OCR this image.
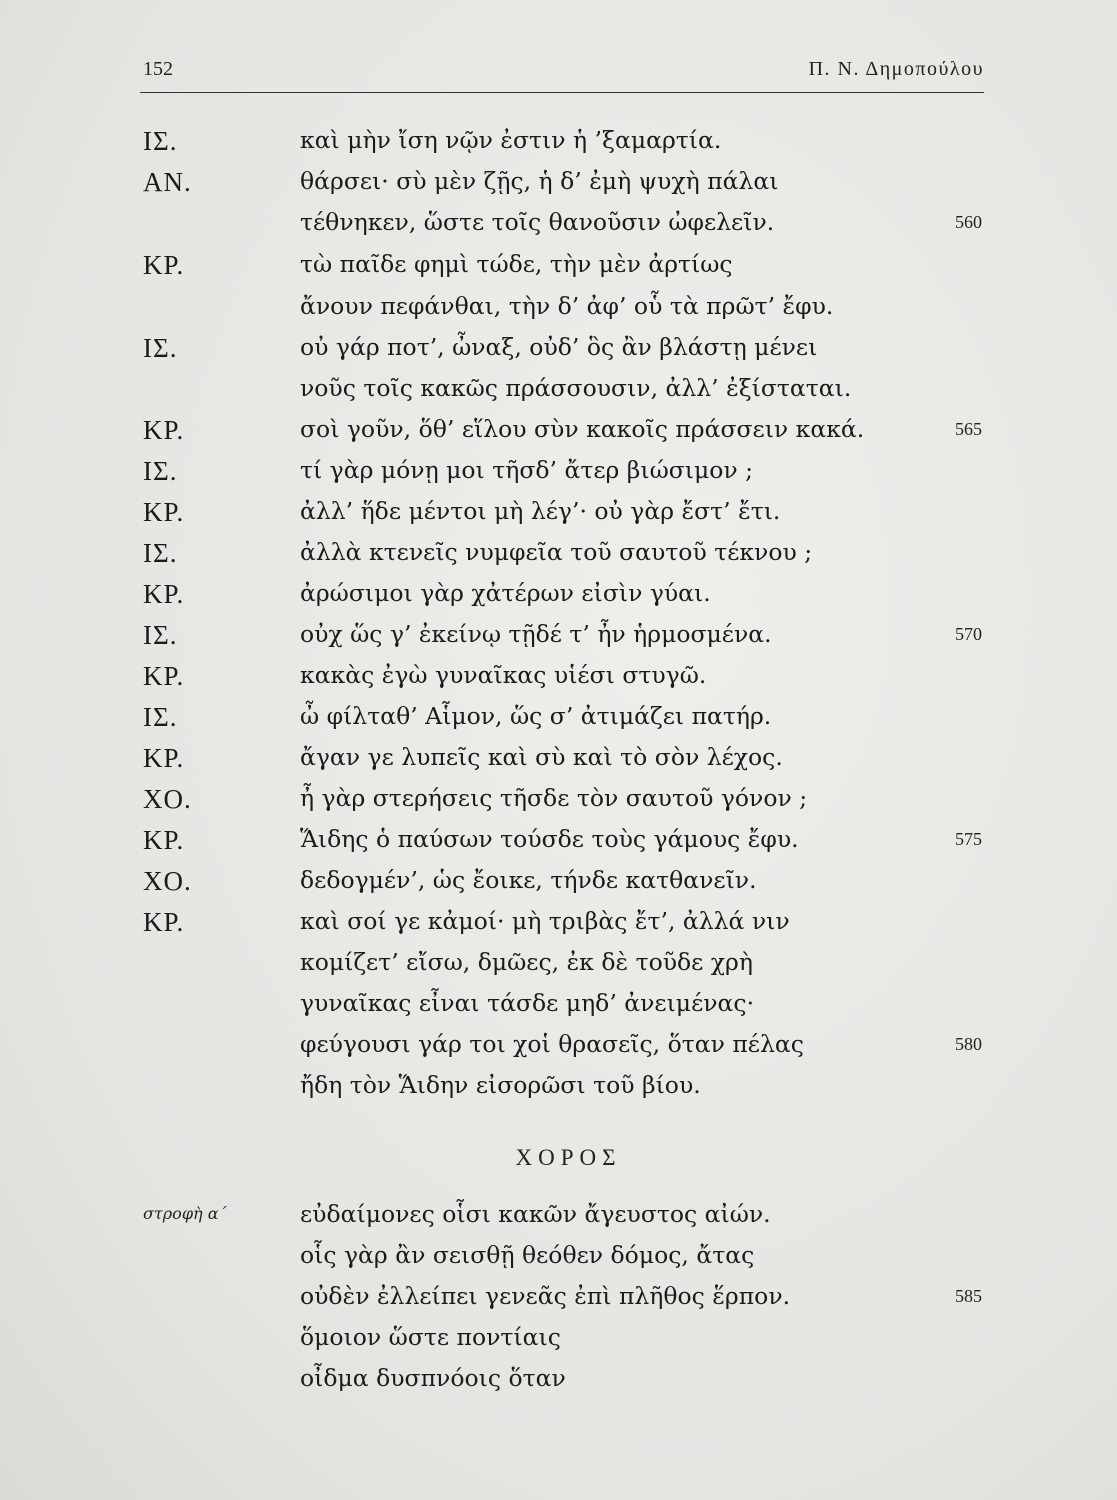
152	Π. Ν. Δημοπούλου
ΙΣ.	καὶ μὴν ἴση νῷν ἐστιν ἡ ’ξαμαρτία.
ΑΝ.	θάρσει· σὺ μὲν ζῇς, ἡ δ’ ἐμὴ ψυχὴ πάλαι
τέθνηκεν, ὥστε τοῖς θανοῦσιν ὠφελεῖν.	560
ΚΡ.	τὼ παῖδε φημὶ τώδε, τὴν μὲν ἀρτίως
ἄνουν πεφάνθαι, τὴν δ’ ἀφ’ οὗ τὰ πρῶτ’ ἔφυ.
ΙΣ.	οὐ γάρ ποτ’, ὦναξ, οὐδ’ ὃς ἂν βλάστῃ μένει
νοῦς τοῖς κακῶς πράσσουσιν, ἀλλ’ ἐξίσταται.
ΚΡ.	σοὶ γοῦν, ὅθ’ εἵλου σὺν κακοῖς πράσσειν κακά.	565
ΙΣ.	τί γὰρ μόνῃ μοι τῆσδ’ ἄτερ βιώσιμον ;
ΚΡ.	ἀλλ’ ἥδε μέντοι μὴ λέγ’· οὐ γὰρ ἔστ’ ἔτι.
ΙΣ.	ἀλλὰ κτενεῖς νυμφεῖα τοῦ σαυτοῦ τέκνου ;
ΚΡ.	ἀρώσιμοι γὰρ χἀτέρων εἰσὶν γύαι.
ΙΣ.	οὐχ ὥς γ’ ἐκείνῳ τῇδέ τ’ ἦν ἡρμοσμένα.	570
ΚΡ.	κακὰς ἐγὼ γυναῖκας υἱέσι στυγῶ.
ΙΣ.	ὦ φίλταθ’ Αἷμον, ὥς σ’ ἀτιμάζει πατήρ.
ΚΡ.	ἄγαν γε λυπεῖς καὶ σὺ καὶ τὸ σὸν λέχος.
ΧΟ.	ἦ γὰρ στερήσεις τῆσδε τὸν σαυτοῦ γόνον ;
ΚΡ.	Ἅιδης ὁ παύσων τούσδε τοὺς γάμους ἔφυ.	575
ΧΟ.	δεδογμέν’, ὡς ἔοικε, τήνδε κατθανεῖν.
ΚΡ.	καὶ σοί γε κἀμοί· μὴ τριβὰς ἔτ’, ἀλλά νιν
κομίζετ’ εἴσω, δμῶες, ἐκ δὲ τοῦδε χρὴ
γυναῖκας εἶναι τάσδε μηδ’ ἀνειμένας·
φεύγουσι γάρ τοι χοἱ θρασεῖς, ὅταν πέλας	580
ἤδη τὸν Ἅιδην εἰσορῶσι τοῦ βίου.
ΧΟΡΟΣ
στροφὴ α΄	εὐδαίμονες οἷσι κακῶν ἄγευστος αἰών.
οἷς γὰρ ἂν σεισθῇ θεόθεν δόμος, ἄτας
οὐδὲν ἐλλείπει γενεᾶς ἐπὶ πλῆθος ἕρπον.	585
ὅμοιον ὥστε ποντίαις
οἶδμα δυσπνόοις ὅταν
